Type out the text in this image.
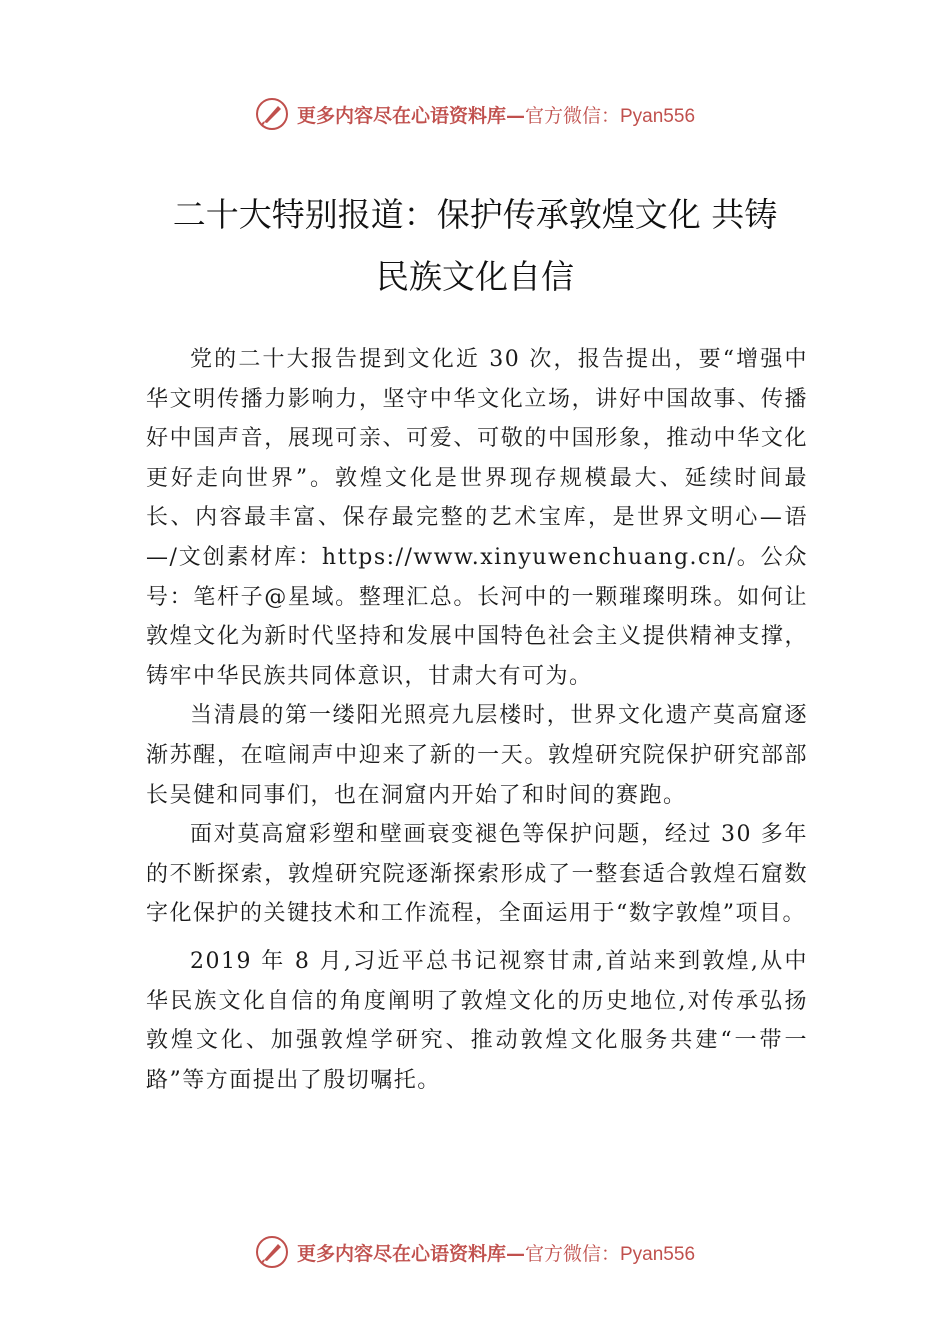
更多内容尽在心语资料库—官方微信：Pyan556
二十大特别报道：保护传承敦煌文化 共铸
民族文化自信

党的二十大报告提到文化近 30 次，报告提出，要“增强中华文明传播力影响力，坚守中华文化立场，讲好中国故事、传播好中国声音，展现可亲、可爱、可敬的中国形象，推动中华文化更好走向世界”。敦煌文化是世界现存规模最大、延续时间最长、内容最丰富、保存最完整的艺术宝库，是世界文明心—语—/文创素材库：https://www.xinyuwenchuang.cn/。公众号：笔杆子@星域。整理汇总。长河中的一颗璀璨明珠。如何让敦煌文化为新时代坚持和发展中国特色社会主义提供精神支撑，铸牢中华民族共同体意识，甘肃大有可为。

当清晨的第一缕阳光照亮九层楼时，世界文化遗产莫高窟逐渐苏醒，在喧闹声中迎来了新的一天。敦煌研究院保护研究部部长吴健和同事们，也在洞窟内开始了和时间的赛跑。

面对莫高窟彩塑和壁画衰变褪色等保护问题，经过 30 多年的不断探索，敦煌研究院逐渐探索形成了一整套适合敦煌石窟数字化保护的关键技术和工作流程，全面运用于“数字敦煌”项目。

2019 年 8 月,习近平总书记视察甘肃,首站来到敦煌,从中华民族文化自信的角度阐明了敦煌文化的历史地位,对传承弘扬敦煌文化、加强敦煌学研究、推动敦煌文化服务共建“一带一路”等方面提出了殷切嘱托。

更多内容尽在心语资料库—官方微信：Pyan556
